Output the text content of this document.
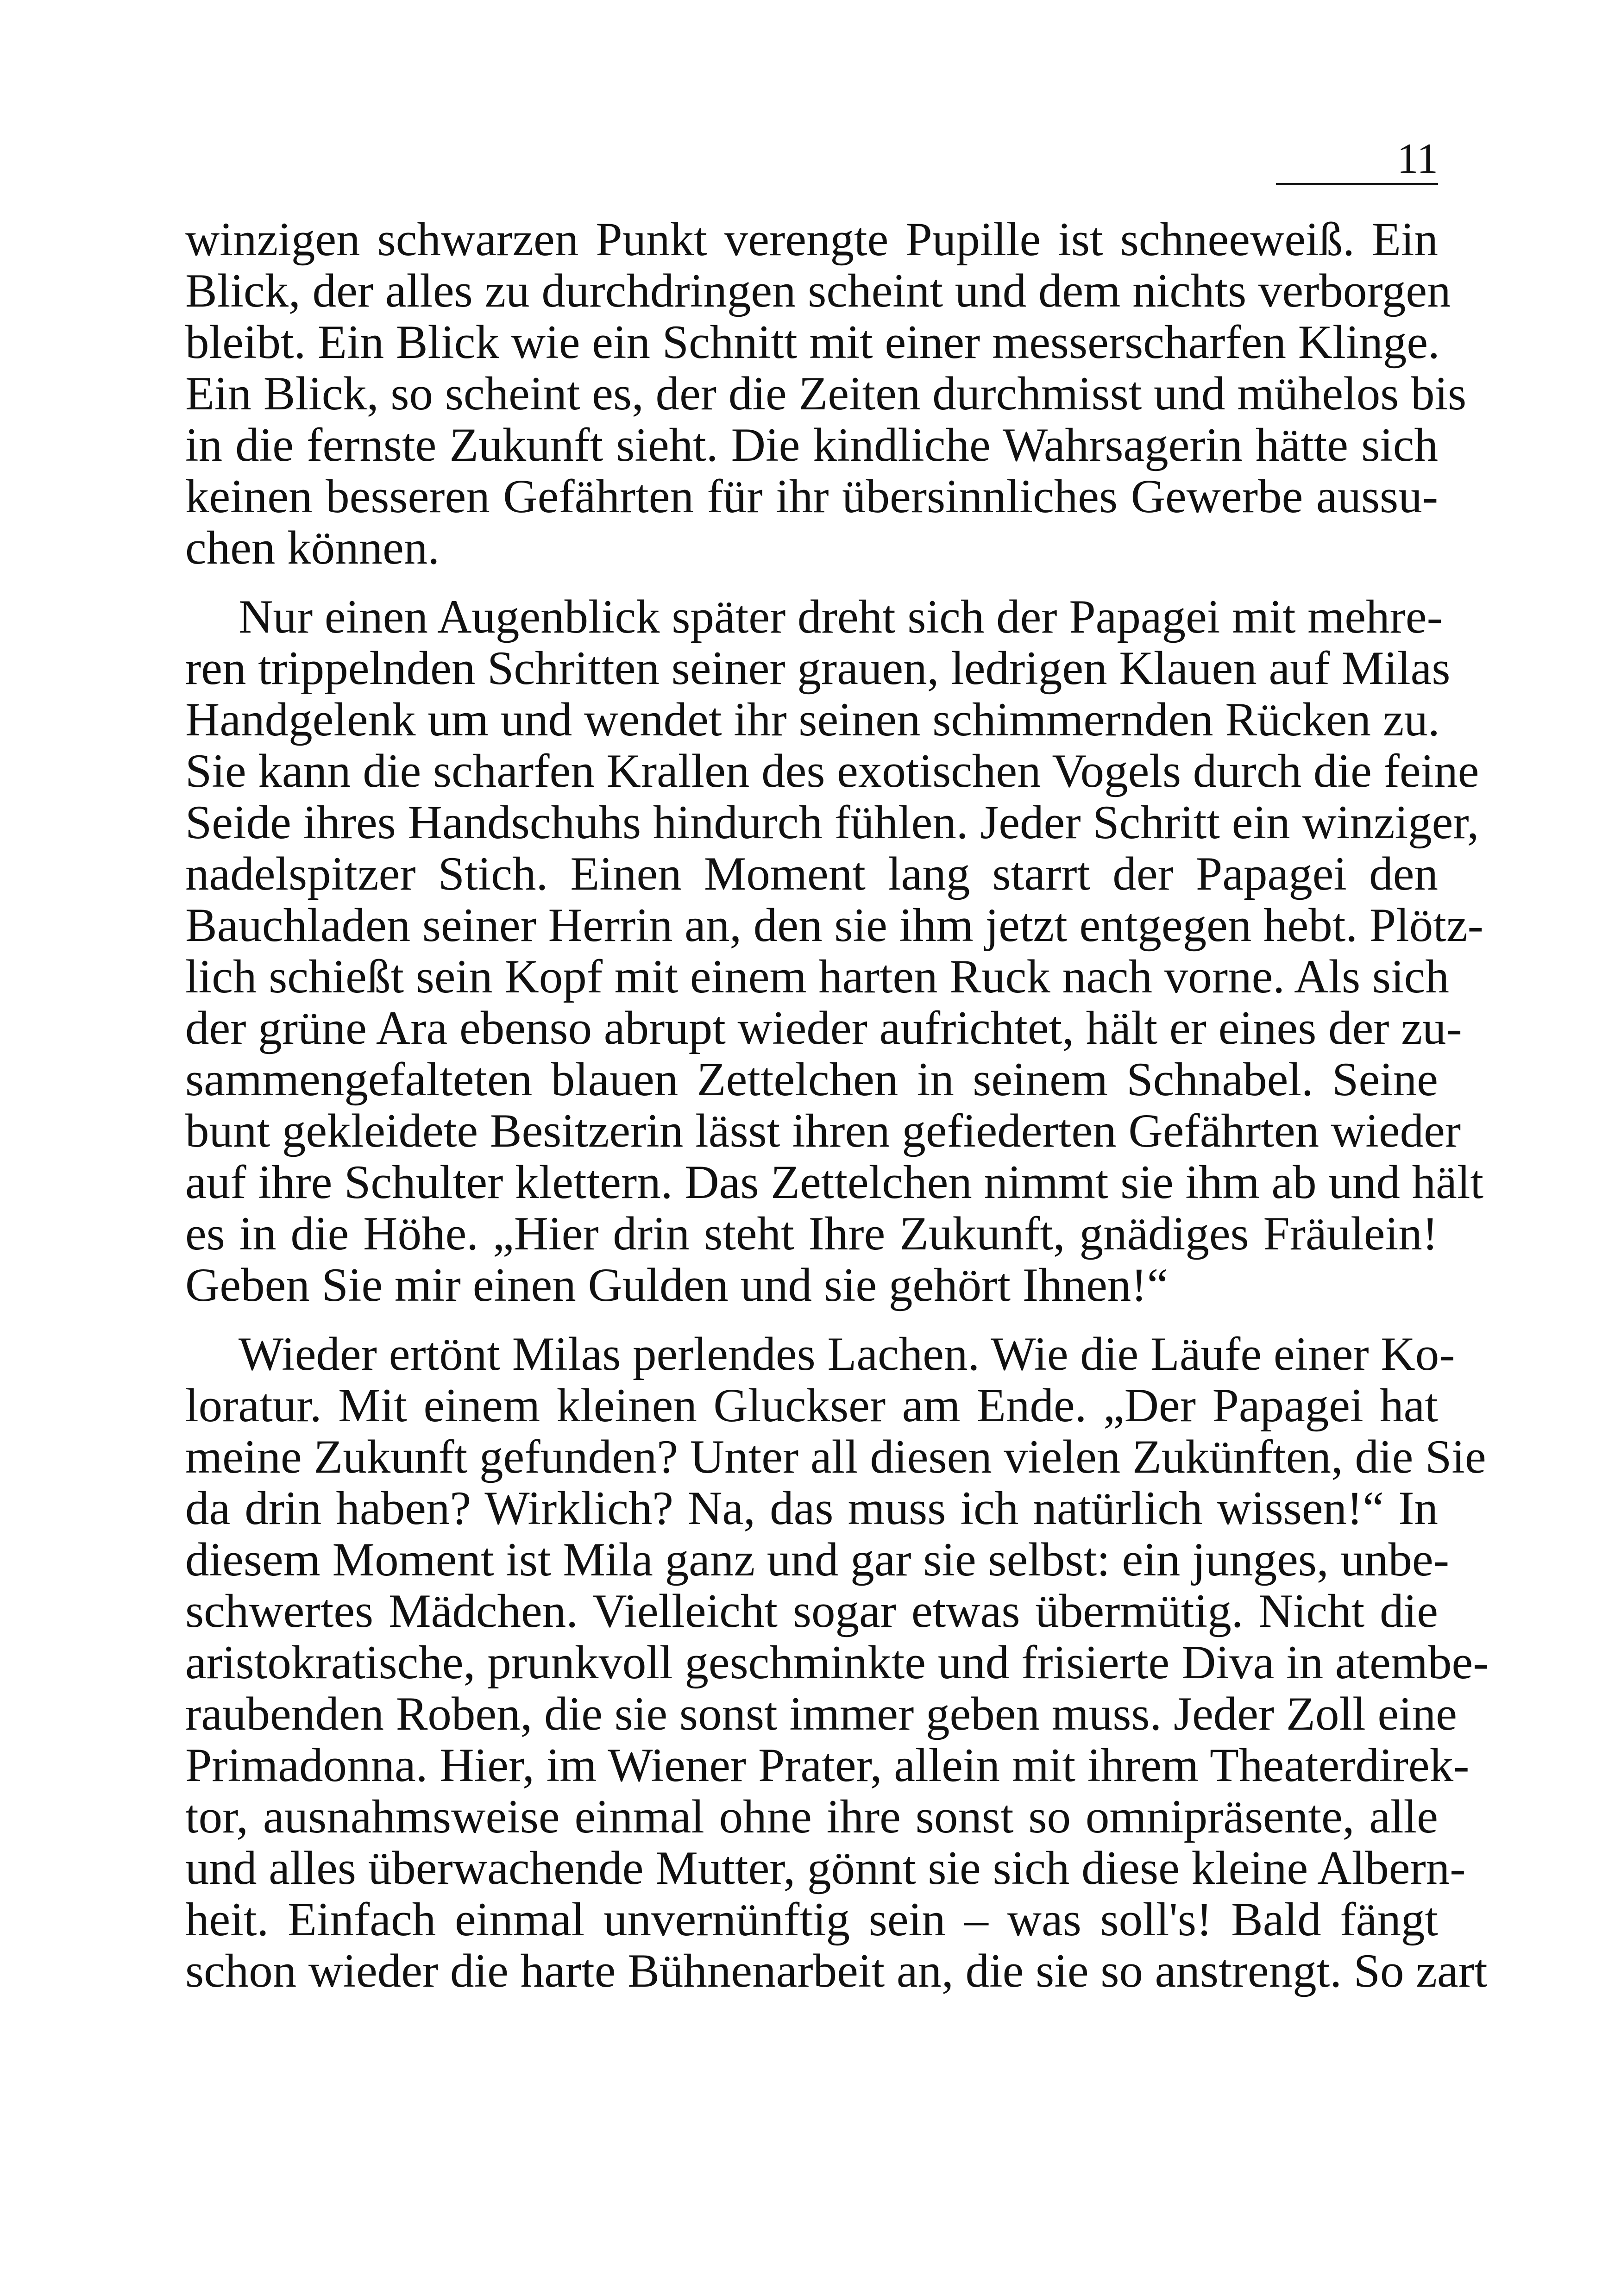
11

winzigen schwarzen Punkt verengte Pupille ist schneeweiß. Ein
Blick, der alles zu durchdringen scheint und dem nichts verborgen
bleibt. Ein Blick wie ein Schnitt mit einer messerscharfen Klinge.
Ein Blick, so scheint es, der die Zeiten durchmisst und mühelos bis
in die fernste Zukunft sieht. Die kindliche Wahrsagerin hätte sich
keinen besseren Gefährten für ihr übersinnliches Gewerbe aussu-
chen können.

Nur einen Augenblick später dreht sich der Papagei mit mehre-
ren trippelnden Schritten seiner grauen, ledrigen Klauen auf Milas
Handgelenk um und wendet ihr seinen schimmernden Rücken zu.
Sie kann die scharfen Krallen des exotischen Vogels durch die feine
Seide ihres Handschuhs hindurch fühlen. Jeder Schritt ein winziger,
nadelspitzer Stich. Einen Moment lang starrt der Papagei den
Bauchladen seiner Herrin an, den sie ihm jetzt entgegen hebt. Plötz-
lich schießt sein Kopf mit einem harten Ruck nach vorne. Als sich
der grüne Ara ebenso abrupt wieder aufrichtet, hält er eines der zu-
sammengefalteten blauen Zettelchen in seinem Schnabel. Seine
bunt gekleidete Besitzerin lässt ihren gefiederten Gefährten wieder
auf ihre Schulter klettern. Das Zettelchen nimmt sie ihm ab und hält
es in die Höhe. „Hier drin steht Ihre Zukunft, gnädiges Fräulein!
Geben Sie mir einen Gulden und sie gehört Ihnen!“

Wieder ertönt Milas perlendes Lachen. Wie die Läufe einer Ko-
loratur. Mit einem kleinen Gluckser am Ende. „Der Papagei hat
meine Zukunft gefunden? Unter all diesen vielen Zukünften, die Sie
da drin haben? Wirklich? Na, das muss ich natürlich wissen!“ In
diesem Moment ist Mila ganz und gar sie selbst: ein junges, unbe-
schwertes Mädchen. Vielleicht sogar etwas übermütig. Nicht die
aristokratische, prunkvoll geschminkte und frisierte Diva in atembe-
raubenden Roben, die sie sonst immer geben muss. Jeder Zoll eine
Primadonna. Hier, im Wiener Prater, allein mit ihrem Theaterdirek-
tor, ausnahmsweise einmal ohne ihre sonst so omnipräsente, alle
und alles überwachende Mutter, gönnt sie sich diese kleine Albern-
heit. Einfach einmal unvernünftig sein – was soll's! Bald fängt
schon wieder die harte Bühnenarbeit an, die sie so anstrengt. So zart
